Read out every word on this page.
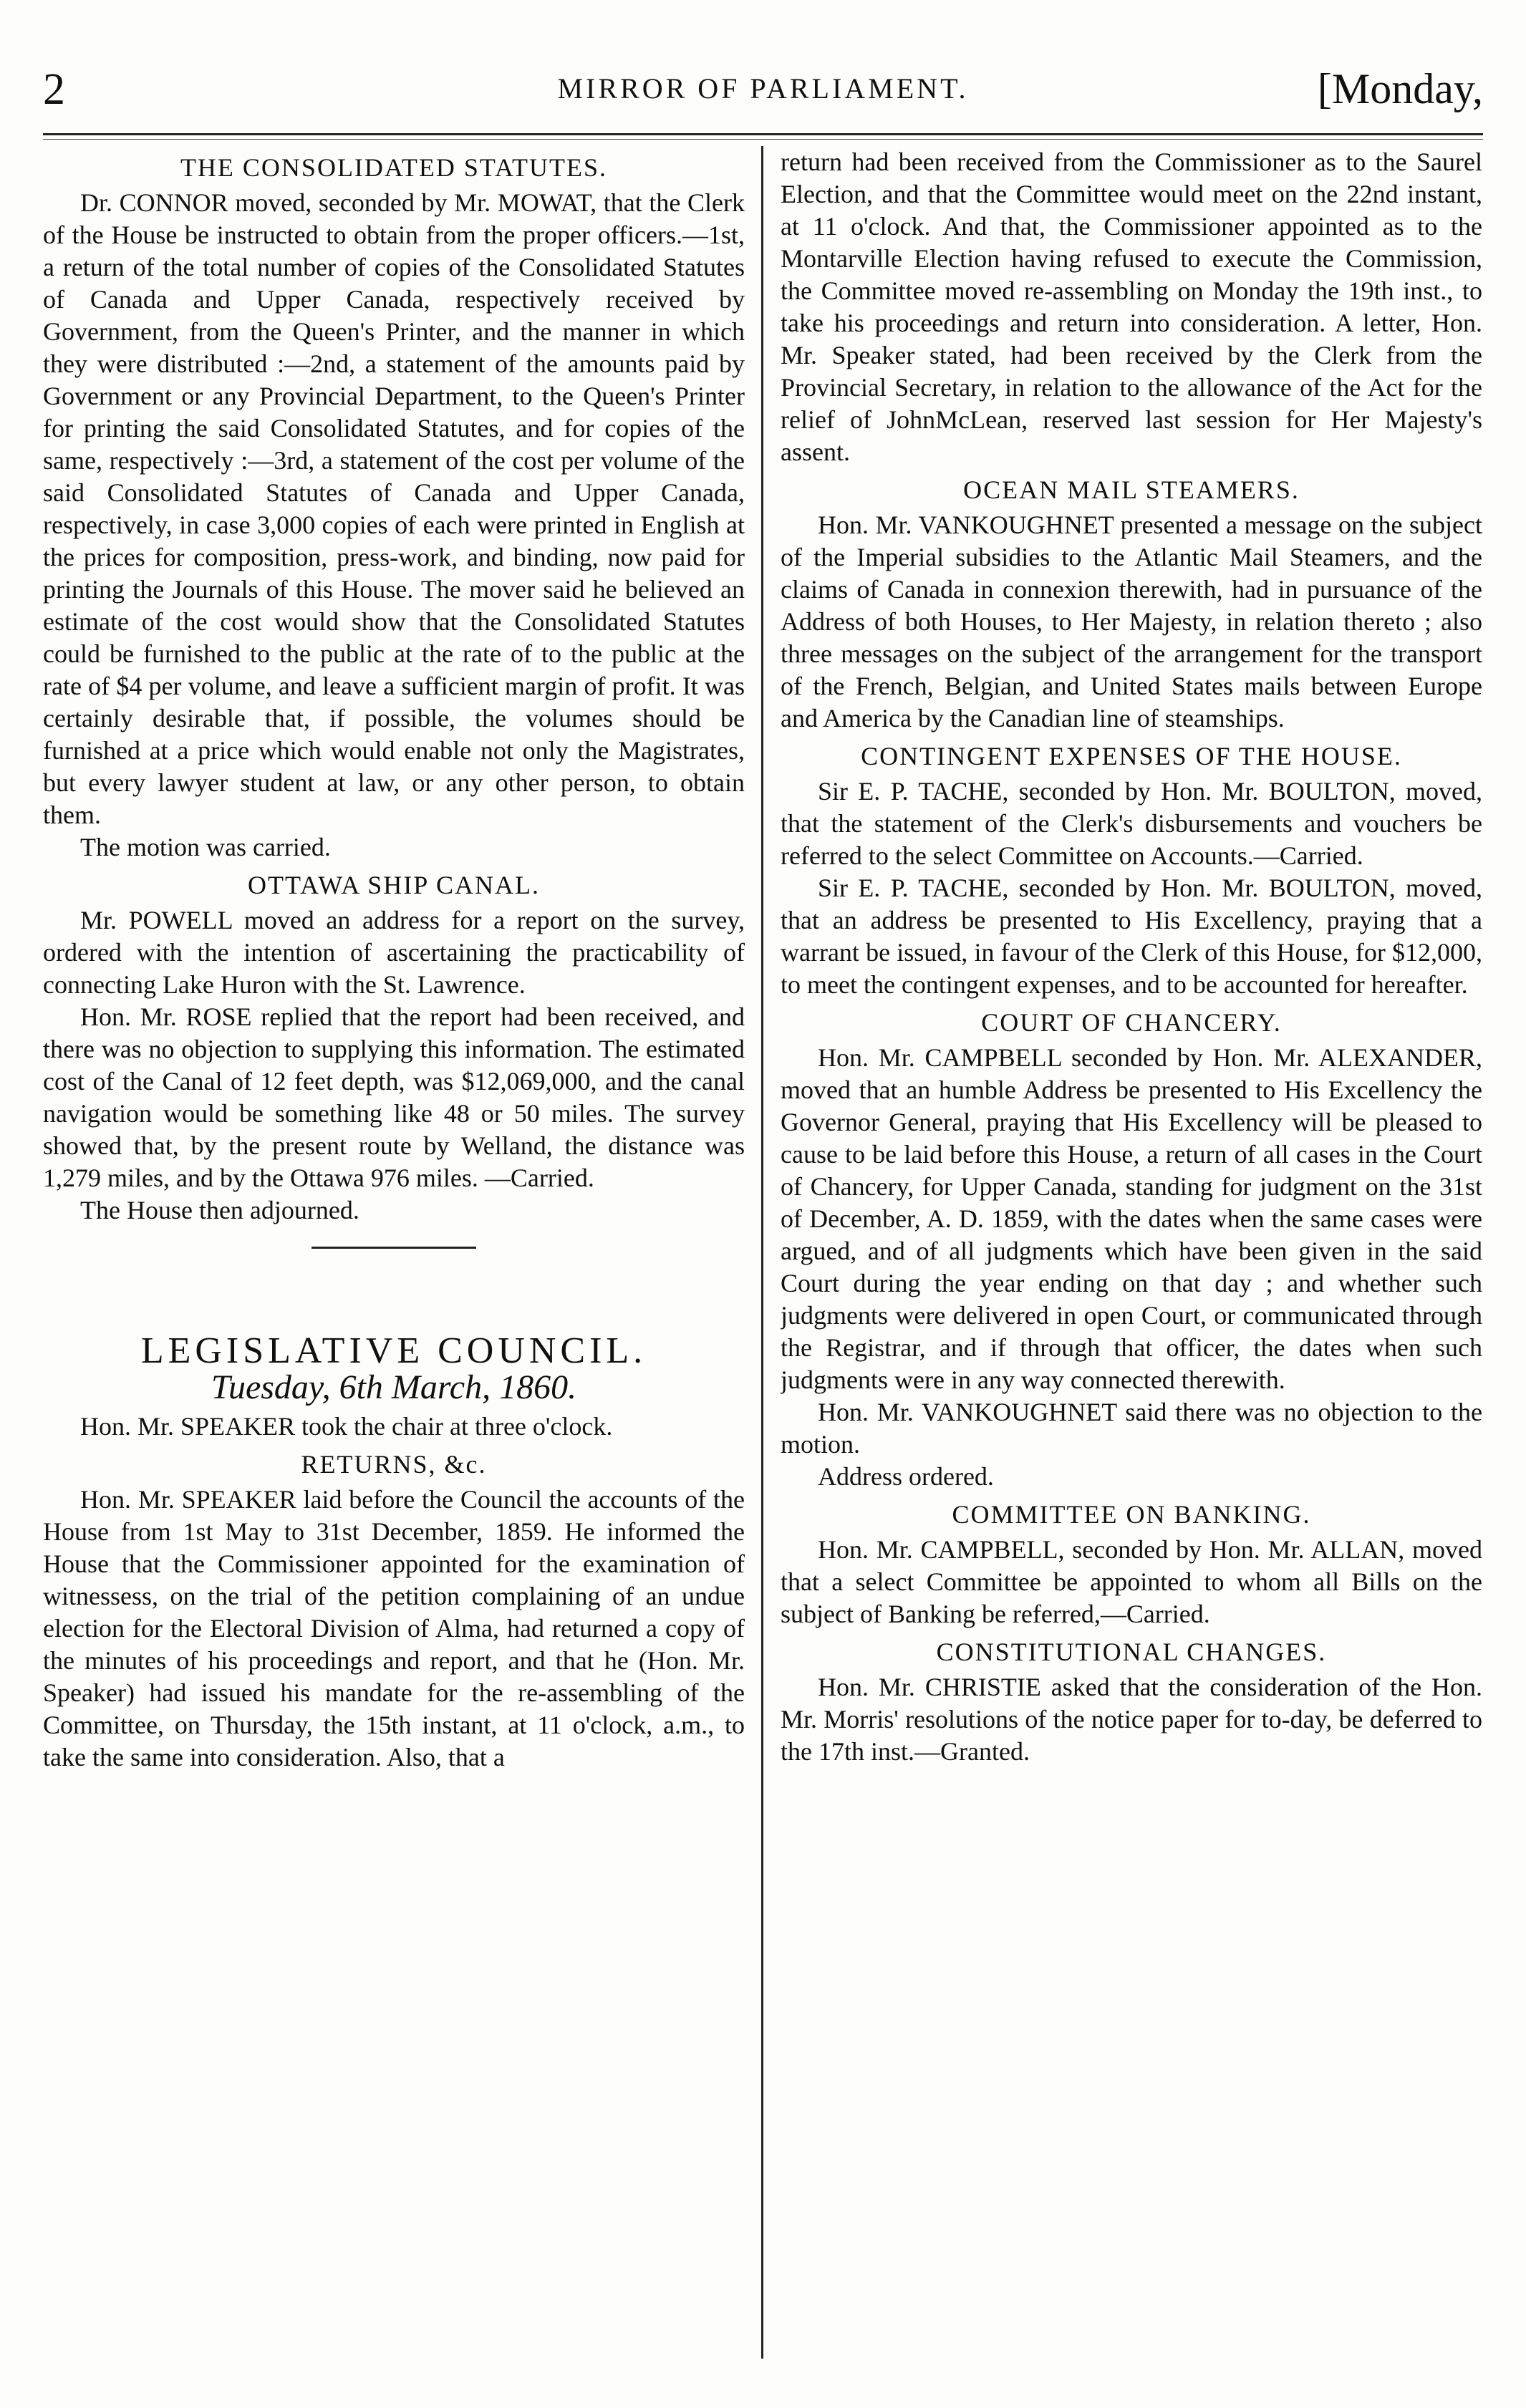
2	MIRROR OF PARLIAMENT.	[Monday,
THE CONSOLIDATED STATUTES.

Dr. CONNOR moved, seconded by Mr. MOWAT, that the Clerk of the House be instructed to obtain from the proper officers.—1st, a return of the total number of copies of the Consolidated Statutes of Canada and Upper Canada, respectively received by Government, from the Queen's Printer, and the manner in which they were distributed :—2nd, a statement of the amounts paid by Government or any Provincial Department, to the Queen's Printer for printing the said Consolidated Statutes, and for copies of the same, respectively :—3rd, a statement of the cost per volume of the said Consolidated Statutes of Canada and Upper Canada, respectively, in case 3,000 copies of each were printed in English at the prices for composition, press-work, and binding, now paid for printing the Journals of this House. The mover said he believed an estimate of the cost would show that the Consolidated Statutes could be furnished to the public at the rate of to the public at the rate of $4 per volume, and leave a sufficient margin of profit. It was certainly desirable that, if possible, the volumes should be furnished at a price which would enable not only the Magistrates, but every lawyer student at law, or any other person, to obtain them.

The motion was carried.

OTTAWA SHIP CANAL.

Mr. POWELL moved an address for a report on the survey, ordered with the intention of ascertaining the practicability of connecting Lake Huron with the St. Lawrence.

Hon. Mr. ROSE replied that the report had been received, and there was no objection to supplying this information. The estimated cost of the Canal of 12 feet depth, was $12,069,000, and the canal navigation would be something like 48 or 50 miles. The survey showed that, by the present route by Welland, the distance was 1,279 miles, and by the Ottawa 976 miles. —Carried.

The House then adjourned.

LEGISLATIVE COUNCIL.
Tuesday, 6th March, 1860.

Hon. Mr. SPEAKER took the chair at three o'clock.

RETURNS, &c.

Hon. Mr. SPEAKER laid before the Council the accounts of the House from 1st May to 31st December, 1859. He informed the House that the Commissioner appointed for the examination of witnessess, on the trial of the petition complaining of an undue election for the Electoral Division of Alma, had returned a copy of the minutes of his proceedings and report, and that he (Hon. Mr. Speaker) had issued his mandate for the re-assembling of the Committee, on Thursday, the 15th instant, at 11 o'clock, a.m., to take the same into consideration. Also, that a

return had been received from the Commissioner as to the Saurel Election, and that the Committee would meet on the 22nd instant, at 11 o'clock. And that, the Commissioner appointed as to the Montarville Election having refused to execute the Commission, the Committee moved re-assembling on Monday the 19th inst., to take his proceedings and return into consideration. A letter, Hon. Mr. Speaker stated, had been received by the Clerk from the Provincial Secretary, in relation to the allowance of the Act for the relief of JohnMcLean, reserved last session for Her Majesty's assent.

OCEAN MAIL STEAMERS.

Hon. Mr. VANKOUGHNET presented a message on the subject of the Imperial subsidies to the Atlantic Mail Steamers, and the claims of Canada in connexion therewith, had in pursuance of the Address of both Houses, to Her Majesty, in relation thereto ; also three messages on the subject of the arrangement for the transport of the French, Belgian, and United States mails between Europe and America by the Canadian line of steamships.

CONTINGENT EXPENSES OF THE HOUSE.

Sir E. P. TACHE, seconded by Hon. Mr. BOULTON, moved, that the statement of the Clerk's disbursements and vouchers be referred to the select Committee on Accounts.—Carried.

Sir E. P. TACHE, seconded by Hon. Mr. BOULTON, moved, that an address be presented to His Excellency, praying that a warrant be issued, in favour of the Clerk of this House, for $12,000, to meet the contingent expenses, and to be accounted for hereafter.

COURT OF CHANCERY.

Hon. Mr. CAMPBELL seconded by Hon. Mr. ALEXANDER, moved that an humble Address be presented to His Excellency the Governor General, praying that His Excellency will be pleased to cause to be laid before this House, a return of all cases in the Court of Chancery, for Upper Canada, standing for judgment on the 31st of December, A. D. 1859, with the dates when the same cases were argued, and of all judgments which have been given in the said Court during the year ending on that day ; and whether such judgments were delivered in open Court, or communicated through the Registrar, and if through that officer, the dates when such judgments were in any way connected therewith.

Hon. Mr. VANKOUGHNET said there was no objection to the motion.

Address ordered.

COMMITTEE ON BANKING.

Hon. Mr. CAMPBELL, seconded by Hon. Mr. ALLAN, moved that a select Committee be appointed to whom all Bills on the subject of Banking be referred,—Carried.

CONSTITUTIONAL CHANGES.

Hon. Mr. CHRISTIE asked that the consideration of the Hon. Mr. Morris' resolutions of the notice paper for to-day, be deferred to the 17th inst.—Granted.
